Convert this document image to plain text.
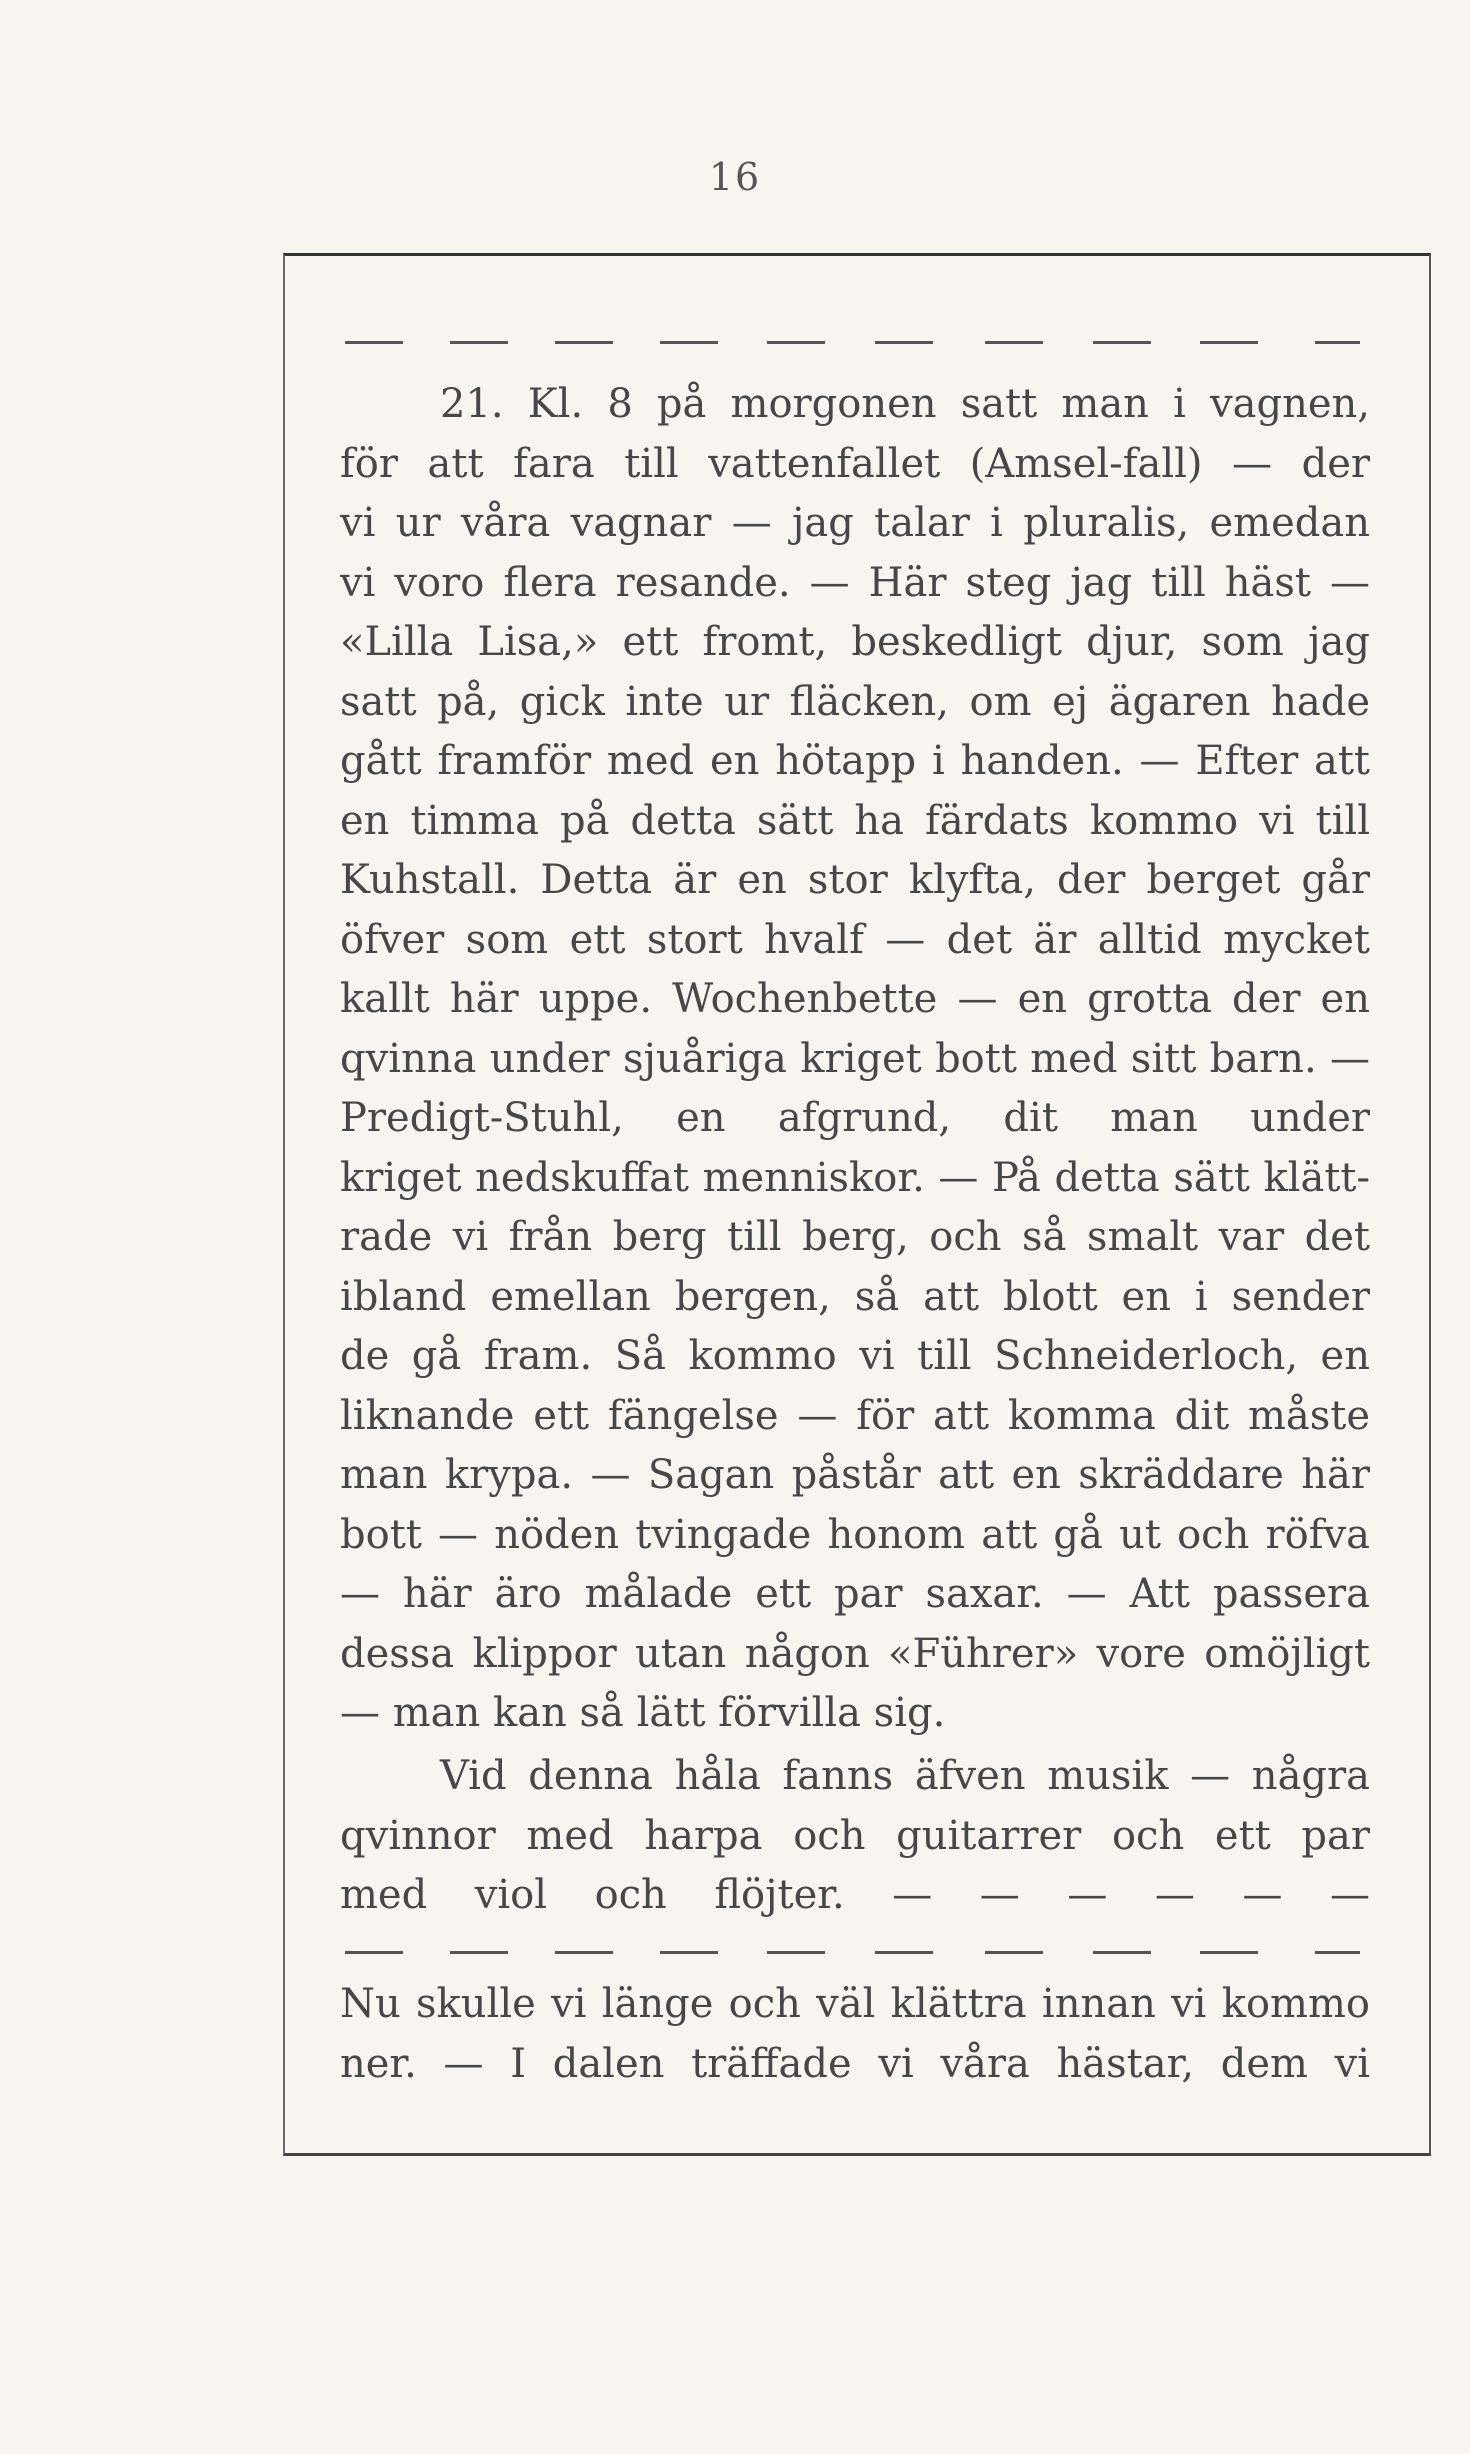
16
21. Kl. 8 på morgonen satt man i vagnen,
för att fara till vattenfallet (Amsel-fall) — der
vi ur våra vagnar — jag talar i pluralis, emedan
vi voro flera resande. — Här steg jag till häst —
«Lilla Lisa,» ett fromt, beskedligt djur, som jag
satt på, gick inte ur fläcken, om ej ägaren hade
gått framför med en hötapp i handen. — Efter att
en timma på detta sätt ha färdats kommo vi till
Kuhstall. Detta är en stor klyfta, der berget går
öfver som ett stort hvalf — det är alltid mycket
kallt här uppe. Wochenbette — en grotta der en
qvinna under sjuåriga kriget bott med sitt barn. —
Predigt-Stuhl, en afgrund, dit man under
kriget nedskuffat menniskor. — På detta sätt klätt-
rade vi från berg till berg, och så smalt var det
ibland emellan bergen, så att blott en i sender
de gå fram. Så kommo vi till Schneiderloch, en
liknande ett fängelse — för att komma dit måste
man krypa. — Sagan påstår att en skräddare här
bott — nöden tvingade honom att gå ut och röfva
— här äro målade ett par saxar. — Att passera
dessa klippor utan någon «Führer» vore omöjligt
— man kan så lätt förvilla sig.
Vid denna håla fanns äfven musik — några
qvinnor med harpa och guitarrer och ett par
med viol och flöjter. — — — — — —
Nu skulle vi länge och väl klättra innan vi kommo
ner. — I dalen träffade vi våra hästar, dem vi
